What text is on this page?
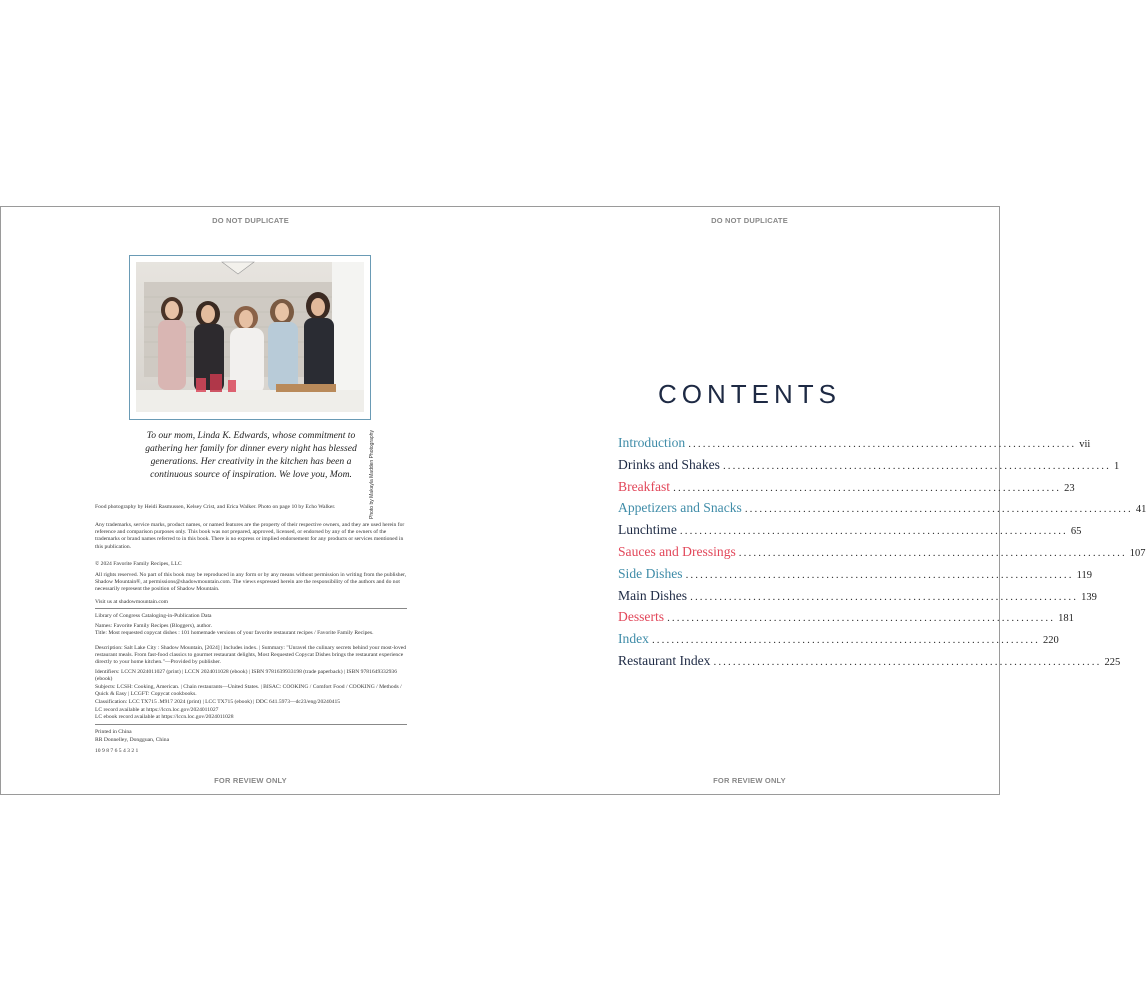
DO NOT DUPLICATE
Photo by Makayla Madden Photography
To our mom, Linda K. Edwards, whose commitment to gathering her family for dinner every night has blessed generations. Her creativity in the kitchen has been a continuous source of inspiration. We love you, Mom.
Food photography by Heidi Rasmussen, Kelsey Crist, and Erica Walker. Photo on page 10 by Echo Walker.
Any trademarks, service marks, product names, or named features are the property of their respective owners, and they are used herein for reference and comparison purposes only. This book was not prepared, approved, licensed, or endorsed by any of the owners of the trademarks or brand names referred to in this book. There is no express or implied endorsement for any products or services mentioned in this publication.
© 2024 Favorite Family Recipes, LLC
All rights reserved. No part of this book may be reproduced in any form or by any means without permission in writing from the publisher, Shadow Mountain®, at permissions@shadowmountain.com. The views expressed herein are the responsibility of the authors and do not necessarily represent the position of Shadow Mountain.
Visit us at shadowmountain.com
Library of Congress Cataloging-in-Publication Data
Names: Favorite Family Recipes (Bloggers), author.
Title: Most requested copycat dishes : 101 homemade versions of your favorite restaurant recipes / Favorite Family Recipes.
Description: Salt Lake City : Shadow Mountain, [2024] | Includes index. | Summary: "Unravel the culinary secrets behind your most-loved restaurant meals. From fast-food classics to gourmet restaurant delights, Most Requested Copycat Dishes brings the restaurant experience directly to your home kitchen."—Provided by publisher.
Identifiers: LCCN 2024011027 (print) | LCCN 2024011028 (ebook) | ISBN 9781639933198 (trade paperback) | ISBN 9781649332936 (ebook)
Subjects: LCSH: Cooking, American. | Chain restaurants—United States. | BISAC: COOKING / Comfort Food / COOKING / Methods / Quick & Easy | LCGFT: Copycat cookbooks.
Classification: LCC TX715 .M917 2024 (print) | LCC TX715 (ebook) | DDC 641.5973—dc23/eng/20240415
LC record available at https://lccn.loc.gov/2024011027
LC ebook record available at https://lccn.loc.gov/2024011028
Printed in China
RR Donnelley, Dongguan, China
10 9 8 7 6 5 4 3 2 1
FOR REVIEW ONLY
DO NOT DUPLICATE
CONTENTS
Introduction ................................................................................ vii
Drinks and Shakes ................................................................................ 1
Breakfast ................................................................................ 23
Appetizers and Snacks ................................................................................ 41
Lunchtime ................................................................................ 65
Sauces and Dressings ................................................................................ 107
Side Dishes ................................................................................ 119
Main Dishes ................................................................................ 139
Desserts ................................................................................ 181
Index ................................................................................ 220
Restaurant Index ................................................................................ 225
FOR REVIEW ONLY
